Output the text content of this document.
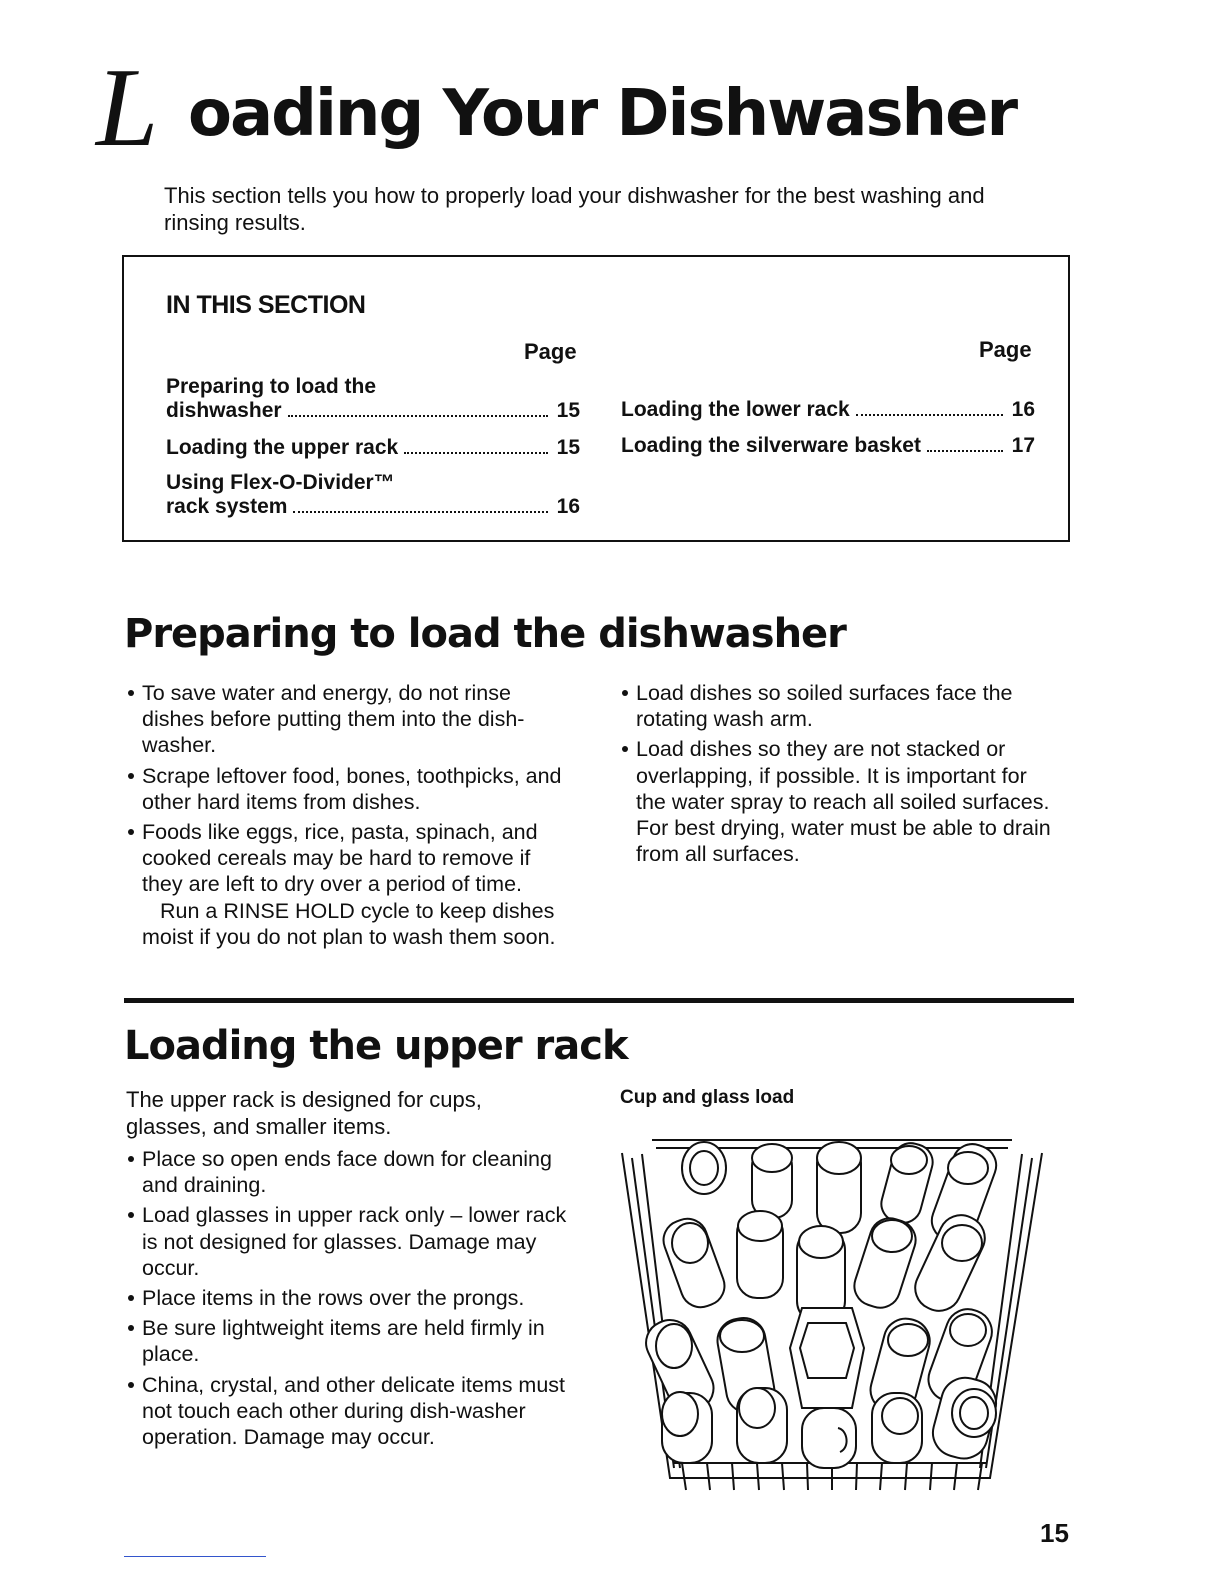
L oading Your Dishwasher
This section tells you how to properly load your dishwasher for the best washing and rinsing results.
IN THIS SECTION
Page	Page
Preparing to load the
dishwasher	15
Loading the upper rack	15
Using Flex-O-Divider™
rack system	16
Loading the lower rack	16
Loading the silverware basket	17
Preparing to load the dishwasher
To save water and energy, do not rinse dishes before putting them into the dish-washer.
Scrape leftover food, bones, toothpicks, and other hard items from dishes.
Foods like eggs, rice, pasta, spinach, and cooked cereals may be hard to remove if they are left to dry over a period of time.
Run a RINSE HOLD cycle to keep dishes moist if you do not plan to wash them soon.
Load dishes so soiled surfaces face the rotating wash arm.
Load dishes so they are not stacked or overlapping, if possible. It is important for the water spray to reach all soiled surfaces. For best drying, water must be able to drain from all surfaces.
Loading the upper rack
The upper rack is designed for cups, glasses, and smaller items.
Place so open ends face down for cleaning and draining.
Load glasses in upper rack only – lower rack is not designed for glasses. Damage may occur.
Place items in the rows over the prongs.
Be sure lightweight items are held firmly in place.
China, crystal, and other delicate items must not touch each other during dish-washer operation. Damage may occur.
Cup and glass load
15
